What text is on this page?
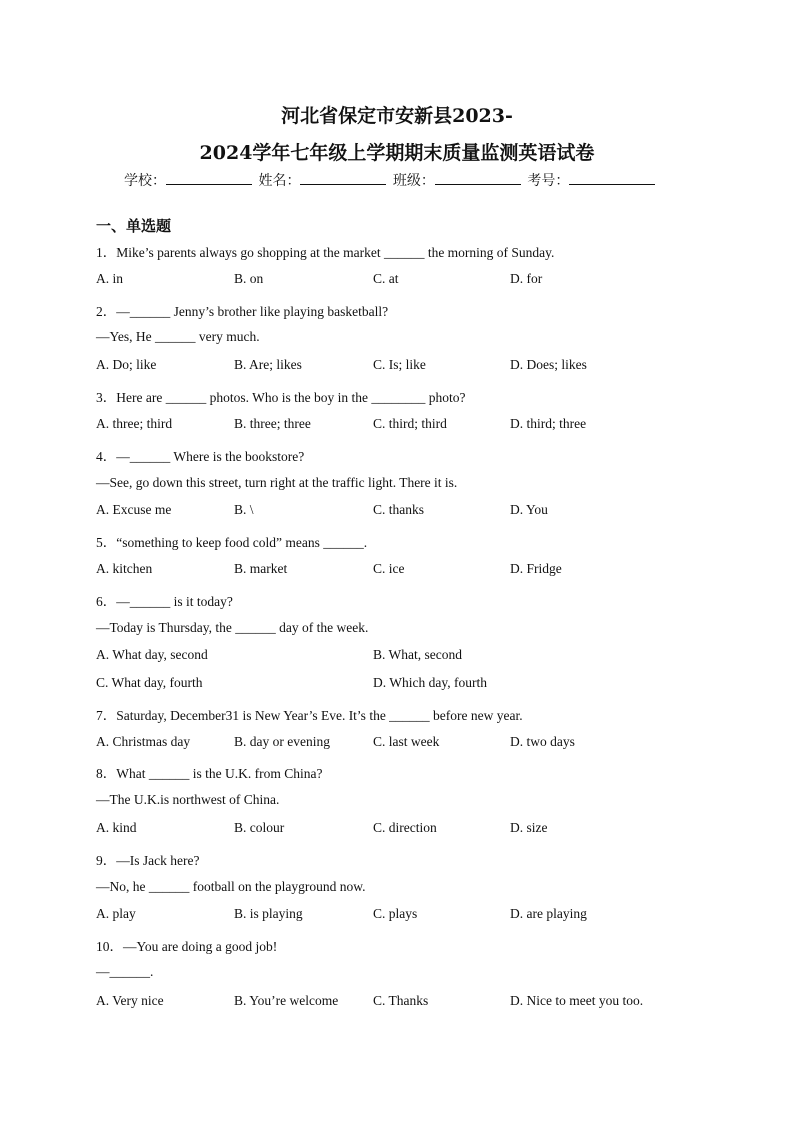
河北省保定市安新县2023-
2024学年七年级上学期期末质量监测英语试卷
学校：	姓名：	班级：	考号：
一、单选题
1．Mike’s parents always go shopping at the market ______ the morning of Sunday.
A. in	B. on	C. at	D. for
2．—______ Jenny’s brother like playing basketball?
—Yes, He ______ very much.
A. Do; like	B. Are; likes	C. Is; like	D. Does; likes
3．Here are ______ photos. Who is the boy in the ________ photo?
A. three; third	B. three; three	C. third; third	D. third; three
4．—______ Where is the bookstore?
—See, go down this street, turn right at the traffic light. There it is.
A. Excuse me	B. \	C. thanks	D. You
5．“something to keep food cold” means ______.
A. kitchen	B. market	C. ice	D. Fridge
6．—______ is it today?
—Today is Thursday, the ______ day of the week.
A. What day, second	B. What, second
C. What day, fourth	D. Which day, fourth
7．Saturday, December31 is New Year’s Eve. It’s the ______ before new year.
A. Christmas day	B. day or evening	C. last week	D. two days
8．What ______ is the U.K. from China?
—The U.K.is northwest of China.
A. kind	B. colour	C. direction	D. size
9．—Is Jack here?
—No, he ______ football on the playground now.
A. play	B. is playing	C. plays	D. are playing
10．—You are doing a good job!
—______.
A. Very nice	B. You’re welcome	C. Thanks	D. Nice to meet you too.
